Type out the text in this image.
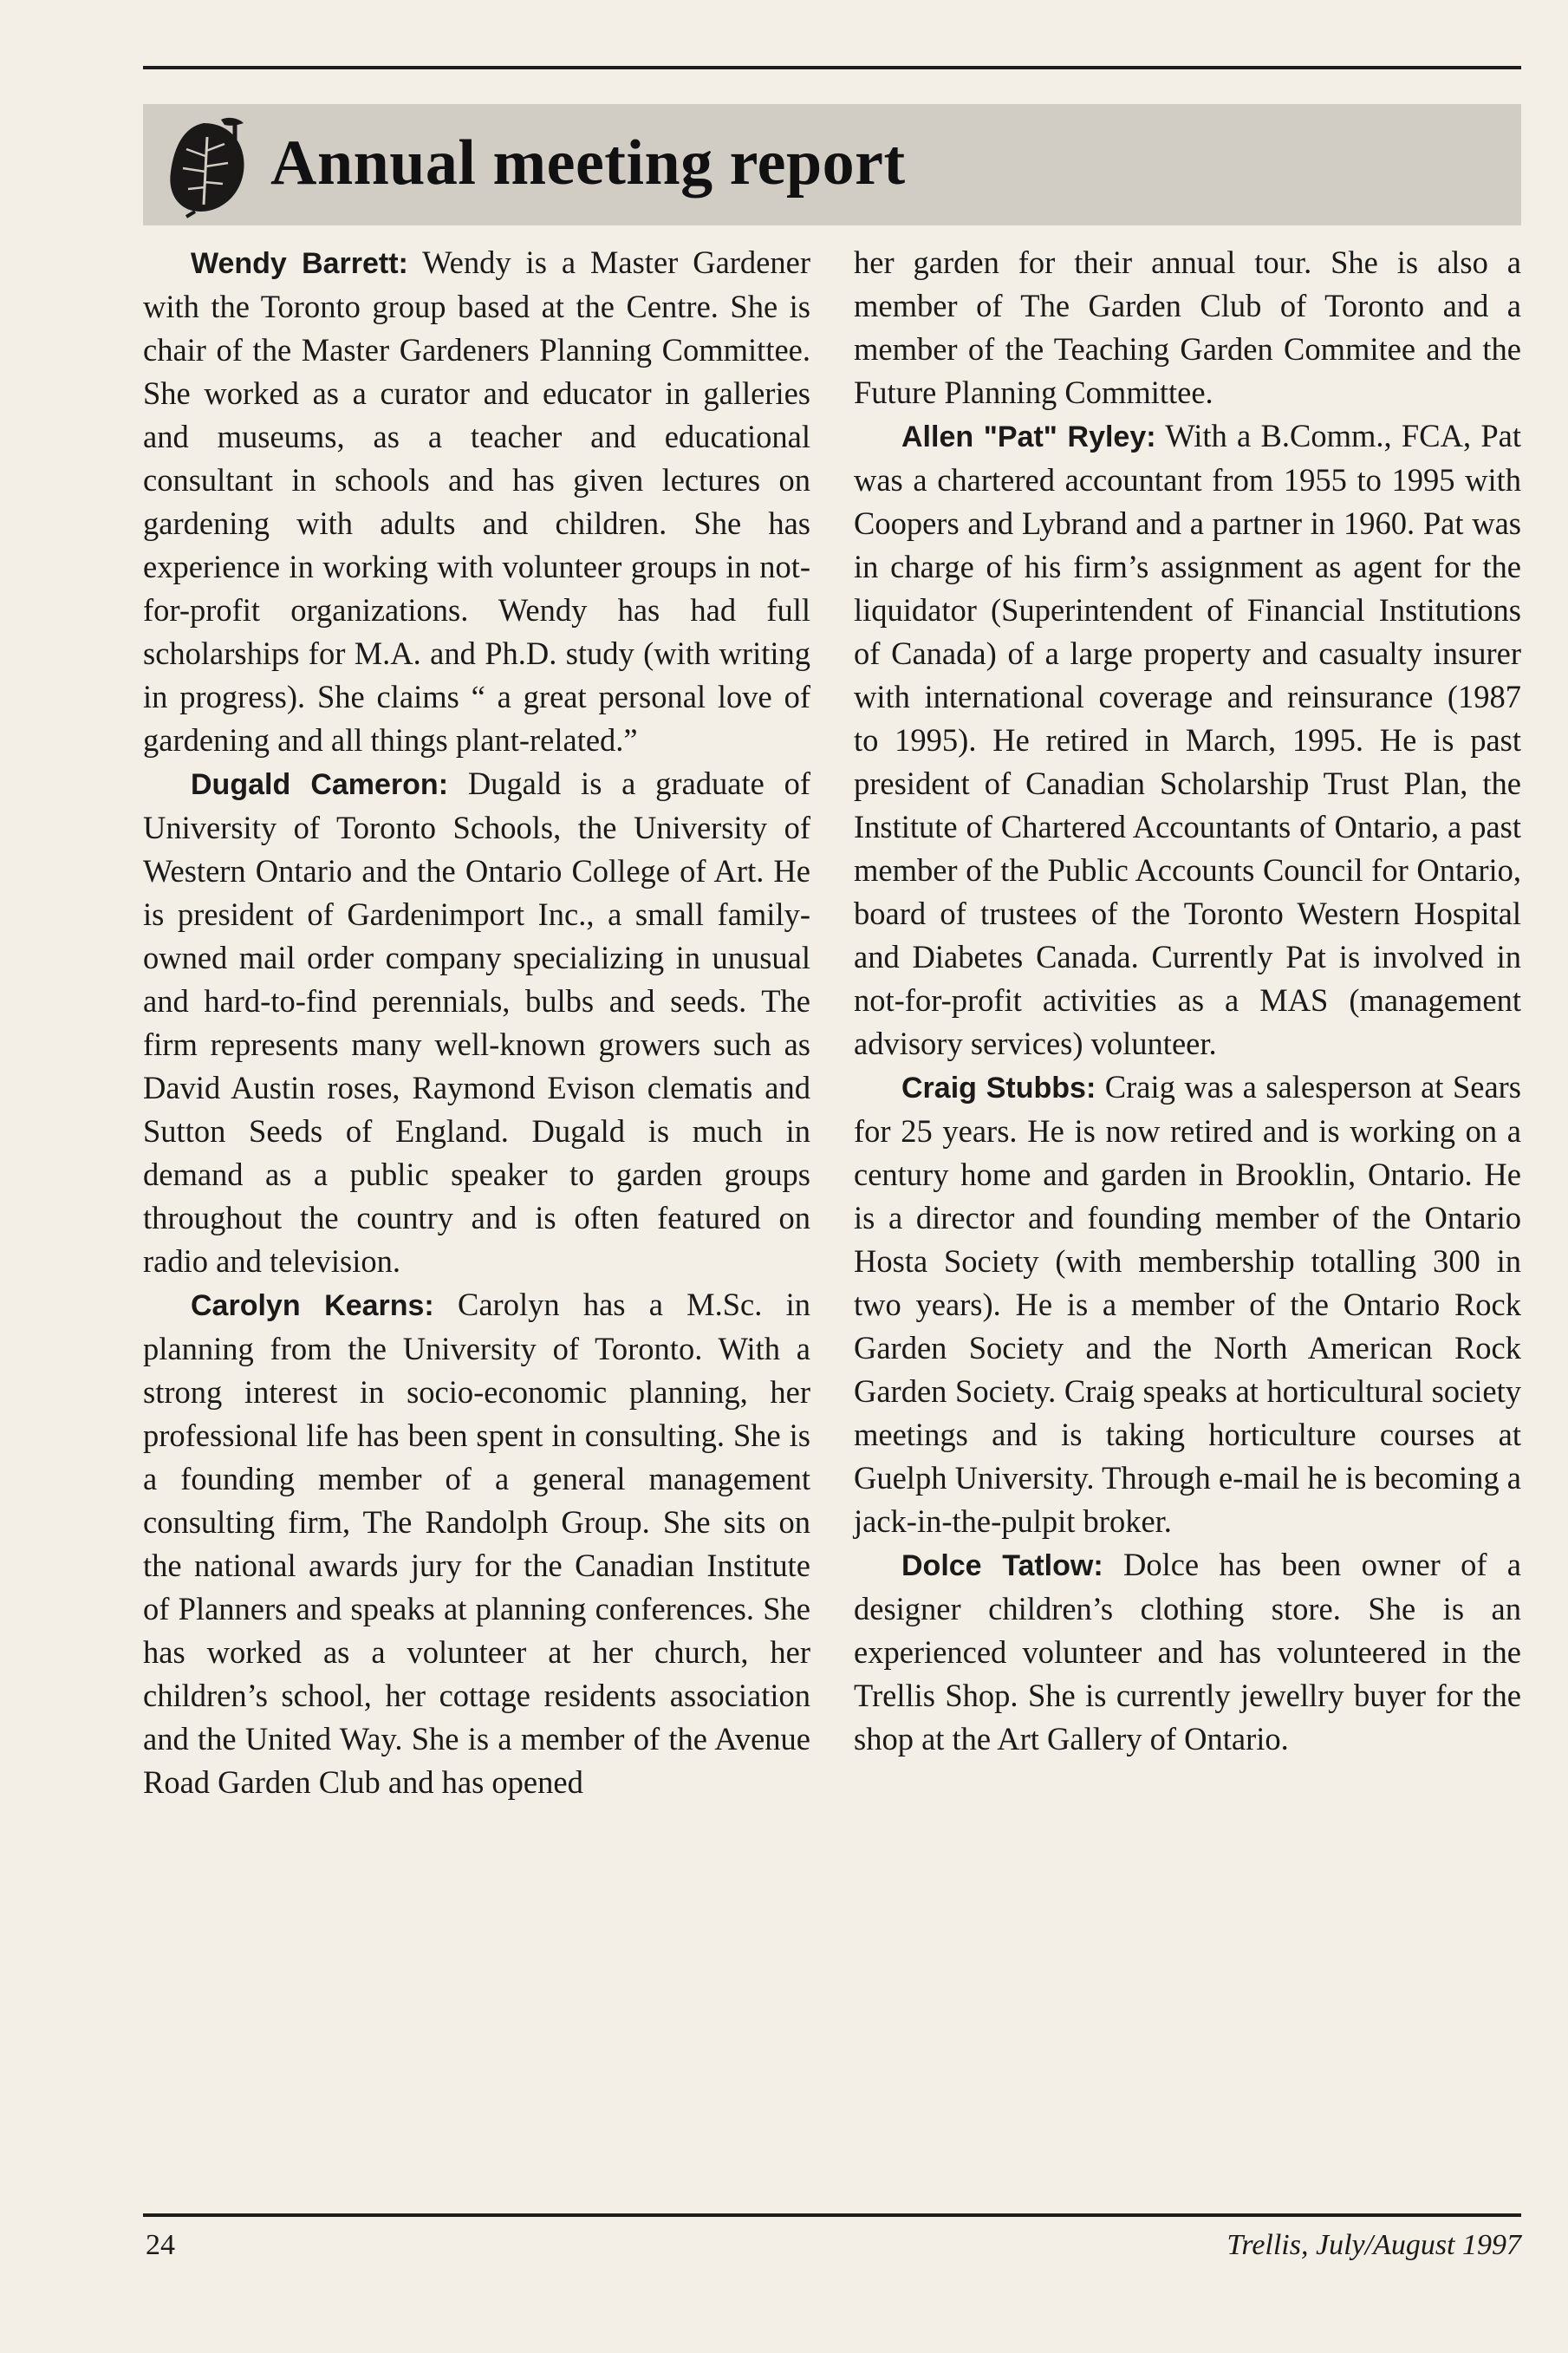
Annual meeting report

Wendy Barrett: Wendy is a Master Gardener with the Toronto group based at the Centre. She is chair of the Master Gardeners Planning Committee. She worked as a curator and educator in galleries and museums, as a teacher and educational consultant in schools and has given lectures on gardening with adults and children. She has experience in working with volunteer groups in not-for-profit organizations. Wendy has had full scholarships for M.A. and Ph.D. study (with writing in progress). She claims “ a great personal love of gardening and all things plant-related.”

Dugald Cameron: Dugald is a graduate of University of Toronto Schools, the University of Western Ontario and the Ontario College of Art. He is president of Gardenimport Inc., a small family-owned mail order company specializing in unusual and hard-to-find perennials, bulbs and seeds. The firm represents many well-known growers such as David Austin roses, Raymond Evison clematis and Sutton Seeds of England. Dugald is much in demand as a public speaker to garden groups throughout the country and is often featured on radio and television.

Carolyn Kearns: Carolyn has a M.Sc. in planning from the University of Toronto. With a strong interest in socio-economic planning, her professional life has been spent in consulting. She is a founding member of a general management consulting firm, The Randolph Group. She sits on the national awards jury for the Canadian Institute of Planners and speaks at planning conferences. She has worked as a volunteer at her church, her children’s school, her cottage residents association and the United Way. She is a member of the Avenue Road Garden Club and has opened

her garden for their annual tour. She is also a member of The Garden Club of Toronto and a member of the Teaching Garden Commitee and the Future Planning Committee.

Allen "Pat" Ryley: With a B.Comm., FCA, Pat was a chartered accountant from 1955 to 1995 with Coopers and Lybrand and a partner in 1960. Pat was in charge of his firm’s assignment as agent for the liquidator (Superintendent of Financial Institutions of Canada) of a large property and casualty insurer with international coverage and reinsurance (1987 to 1995). He retired in March, 1995. He is past president of Canadian Scholarship Trust Plan, the Institute of Chartered Accountants of Ontario, a past member of the Public Accounts Council for Ontario, board of trustees of the Toronto Western Hospital and Diabetes Canada. Currently Pat is involved in not-for-profit activities as a MAS (management advisory services) volunteer.

Craig Stubbs: Craig was a salesperson at Sears for 25 years. He is now retired and is working on a century home and garden in Brooklin, Ontario. He is a director and founding member of the Ontario Hosta Society (with membership totalling 300 in two years). He is a member of the Ontario Rock Garden Society and the North American Rock Garden Society. Craig speaks at horticultural society meetings and is taking horticulture courses at Guelph University. Through e-mail he is becoming a jack-in-the-pulpit broker.

Dolce Tatlow: Dolce has been owner of a designer children’s clothing store. She is an experienced volunteer and has volunteered in the Trellis Shop. She is currently jewellry buyer for the shop at the Art Gallery of Ontario.

24	Trellis, July/August 1997
